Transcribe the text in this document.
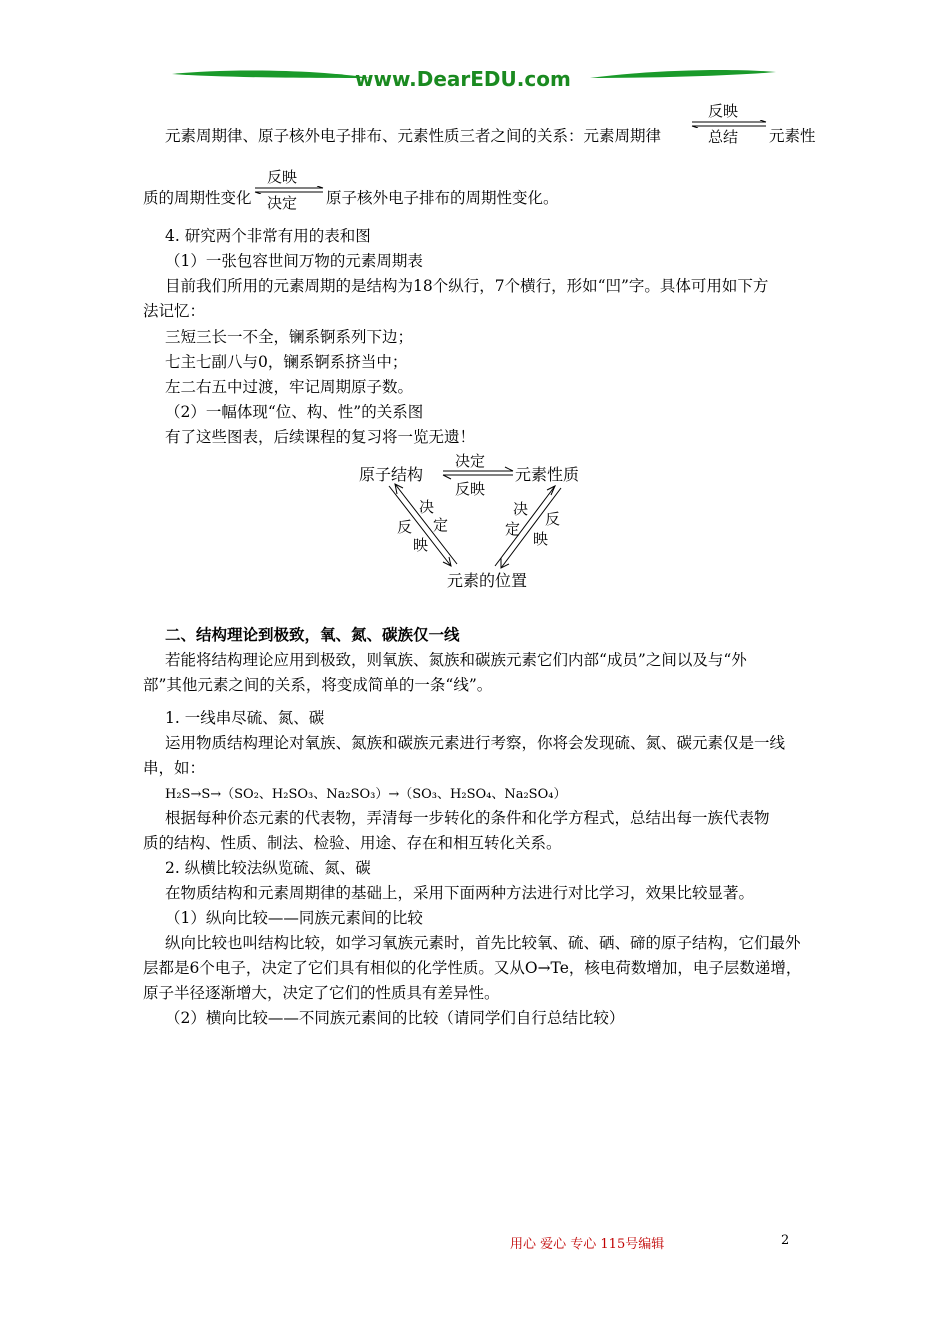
www.DearEDU.com
元素周期律、原子核外电子排布、元素性质三者之间的关系：元素周期律
反映
总结 元素性
质的周期性变化
反映
决定 原子核外电子排布的周期性变化。
4. 研究两个非常有用的表和图
（1）一张包容世间万物的元素周期表
目前我们所用的元素周期的是结构为18个纵行，7个横行，形如“凹”字。具体可用如下方
法记忆：
三短三长一不全，镧系锕系列下边；
七主七副八与0，镧系锕系挤当中；
左二右五中过渡，牢记周期原子数。
（2）一幅体现“位、构、性”的关系图
有了这些图表，后续课程的复习将一览无遗！
原子结构	元素性质
元素的位置
决定
反映
决
定
反
映
决
定
反
映
二、结构理论到极致，氧、氮、碳族仅一线
若能将结构理论应用到极致，则氧族、氮族和碳族元素它们内部“成员”之间以及与“外
部”其他元素之间的关系，将变成简单的一条“线”。
1. 一线串尽硫、氮、碳
运用物质结构理论对氧族、氮族和碳族元素进行考察，你将会发现硫、氮、碳元素仅是一线
串，如：
H₂S→S→（SO₂、H₂SO₃、Na₂SO₃）→（SO₃、H₂SO₄、Na₂SO₄）
根据每种价态元素的代表物，弄清每一步转化的条件和化学方程式，总结出每一族代表物
质的结构、性质、制法、检验、用途、存在和相互转化关系。
2. 纵横比较法纵览硫、氮、碳
在物质结构和元素周期律的基础上，采用下面两种方法进行对比学习，效果比较显著。
（1）纵向比较——同族元素间的比较
纵向比较也叫结构比较，如学习氧族元素时，首先比较氧、硫、硒、碲的原子结构，它们最外
层都是6个电子，决定了它们具有相似的化学性质。又从O→Te，核电荷数增加，电子层数递增，
原子半径逐渐增大，决定了它们的性质具有差异性。
（2）横向比较——不同族元素间的比较（请同学们自行总结比较）
用心 爱心 专心 115号编辑	2
